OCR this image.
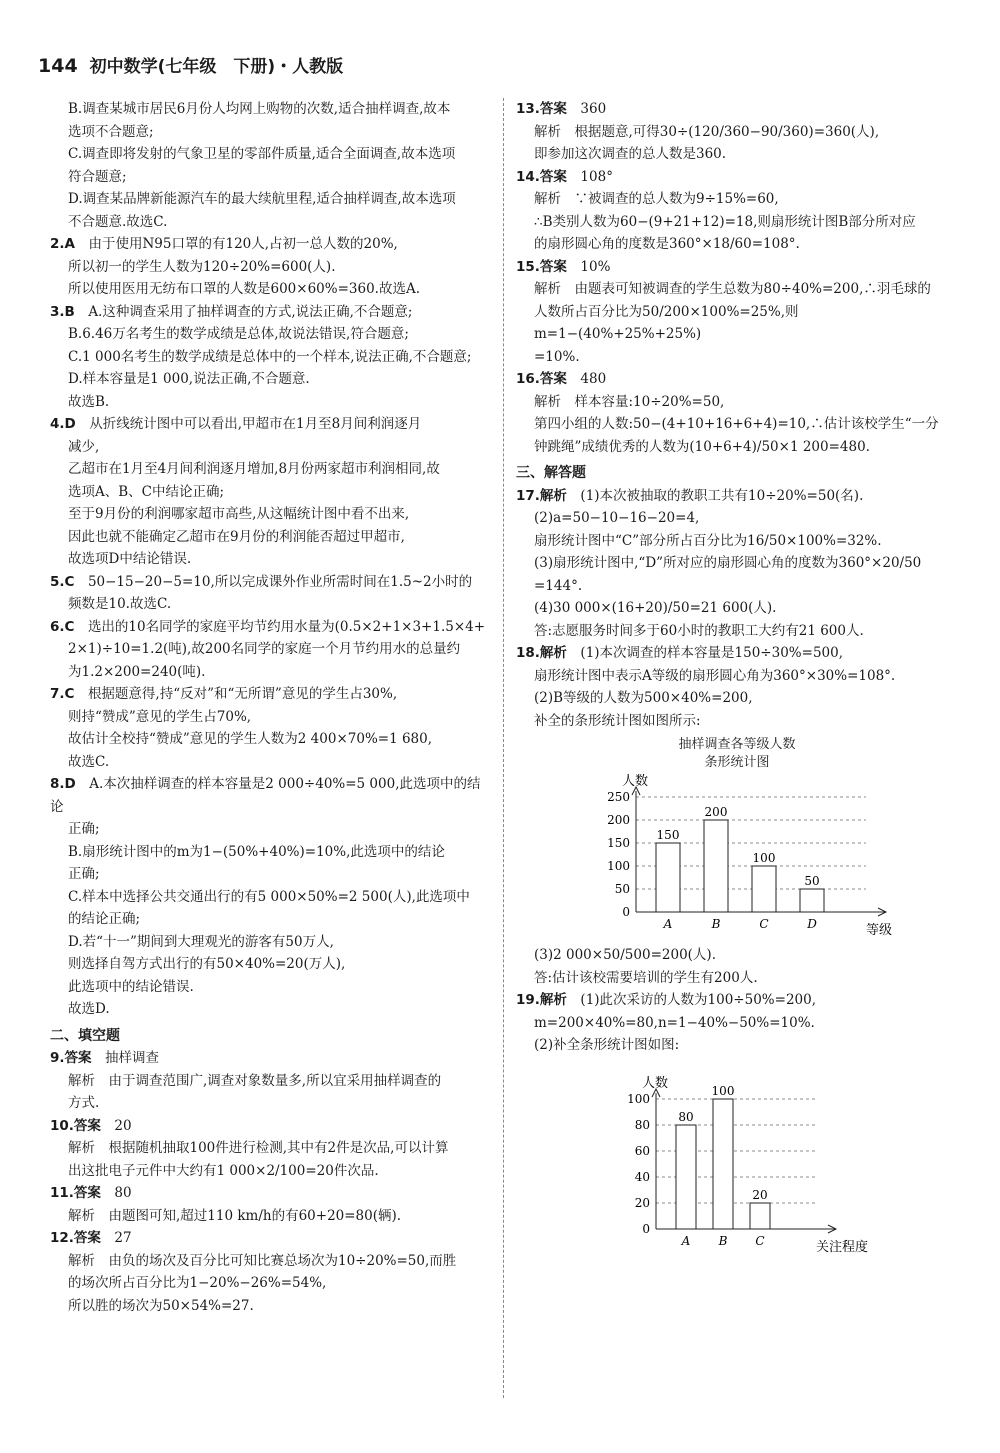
144 初中数学(七年级　下册)・人教版

B.调查某城市居民6月份人均网上购物的次数,适合抽样调查,故本

选项不合题意;

C.调查即将发射的气象卫星的零部件质量,适合全面调查,故本选项

符合题意;

D.调查某品牌新能源汽车的最大续航里程,适合抽样调查,故本选项

不合题意.故选C.

2.A　 由于使用N95口罩的有120人,占初一总人数的20%,

所以初一的学生人数为120÷20%=600(人).

所以使用医用无纺布口罩的人数是600×60%=360.故选A.

3.B　 A.这种调查采用了抽样调查的方式,说法正确,不合题意;

B.6.46万名考生的数学成绩是总体,故说法错误,符合题意;

C.1 000名考生的数学成绩是总体中的一个样本,说法正确,不合题意;

D.样本容量是1 000,说法正确,不合题意.

故选B.

4.D　 从折线统计图中可以看出,甲超市在1月至8月间利润逐月

减少,

乙超市在1月至4月间利润逐月增加,8月份两家超市利润相同,故

选项A、B、C中结论正确;

至于9月份的利润哪家超市高些,从这幅统计图中看不出来,

因此也就不能确定乙超市在9月份的利润能否超过甲超市,

故选项D中结论错误.

5.C　 50−15−20−5=10,所以完成课外作业所需时间在1.5~2小时的

频数是10.故选C.

6.C　 选出的10名同学的家庭平均节约用水量为(0.5×2+1×3+1.5×4+

2×1)÷10=1.2(吨),故200名同学的家庭一个月节约用水的总量约

为1.2×200=240(吨).

7.C　 根据题意得,持“反对”和“无所谓”意见的学生占30%,

则持“赞成”意见的学生占70%,

故估计全校持“赞成”意见的学生人数为2 400×70%=1 680,

故选C.

8.D　 A.本次抽样调查的样本容量是2 000÷40%=5 000,此选项中的结论

正确;

B.扇形统计图中的m为1−(50%+40%)=10%,此选项中的结论

正确;

C.样本中选择公共交通出行的有5 000×50%=2 500(人),此选项中

的结论正确;

D.若“十一”期间到大理观光的游客有50万人,

则选择自驾方式出行的有50×40%=20(万人),

此选项中的结论错误.

故选D.

二、填空题

9.答案　 抽样调查

解析　由于调查范围广,调查对象数量多,所以宜采用抽样调查的

方式.

10.答案　 20

解析　根据随机抽取100件进行检测,其中有2件是次品,可以计算

出这批电子元件中大约有1 000×2/100=20件次品.

11.答案　 80

解析　由题图可知,超过110 km/h的有60+20=80(辆).

12.答案　 27

解析　由负的场次及百分比可知比赛总场次为10÷20%=50,而胜

的场次所占百分比为1−20%−26%=54%,

所以胜的场次为50×54%=27.

13.答案　 360

解析　根据题意,可得30÷(120/360−90/360)=360(人),

即参加这次调查的总人数是360.

14.答案　 108°

解析　∵被调查的总人数为9÷15%=60,

∴B类别人数为60−(9+21+12)=18,则扇形统计图B部分所对应

的扇形圆心角的度数是360°×18/60=108°.

15.答案　 10%

解析　由题表可知被调查的学生总数为80÷40%=200,∴羽毛球的

人数所占百分比为50/200×100%=25%,则m=1−(40%+25%+25%)

=10%.

16.答案　 480

解析　样本容量:10÷20%=50,

第四小组的人数:50−(4+10+16+6+4)=10,∴估计该校学生“一分

钟跳绳”成绩优秀的人数为(10+6+4)/50×1 200=480.

三、解答题

17.解析　 (1)本次被抽取的教职工共有10÷20%=50(名).

(2)a=50−10−16−20=4,

扇形统计图中“C”部分所占百分比为16/50×100%=32%.

(3)扇形统计图中,“D”所对应的扇形圆心角的度数为360°×20/50

=144°.

(4)30 000×(16+20)/50=21 600(人).

答:志愿服务时间多于60小时的教职工大约有21 600人.

18.解析　 (1)本次调查的样本容量是150÷30%=500,

扇形统计图中表示A等级的扇形圆心角为360°×30%=108°.

(2)B等级的人数为500×40%=200,

补全的条形统计图如图所示:

抽样调查各等级人数
条形统计图
人数
0
50
100
150
200
250
等级
150
A
200
B
100
C
50
D

(3)2 000×50/500=200(人).

答:估计该校需要培训的学生有200人.

19.解析　 (1)此次采访的人数为100÷50%=200,

m=200×40%=80,n=1−40%−50%=10%.

(2)补全条形统计图如图:

人数
0
20
40
60
80
100
关注程度
80
A
100
B
20
C
